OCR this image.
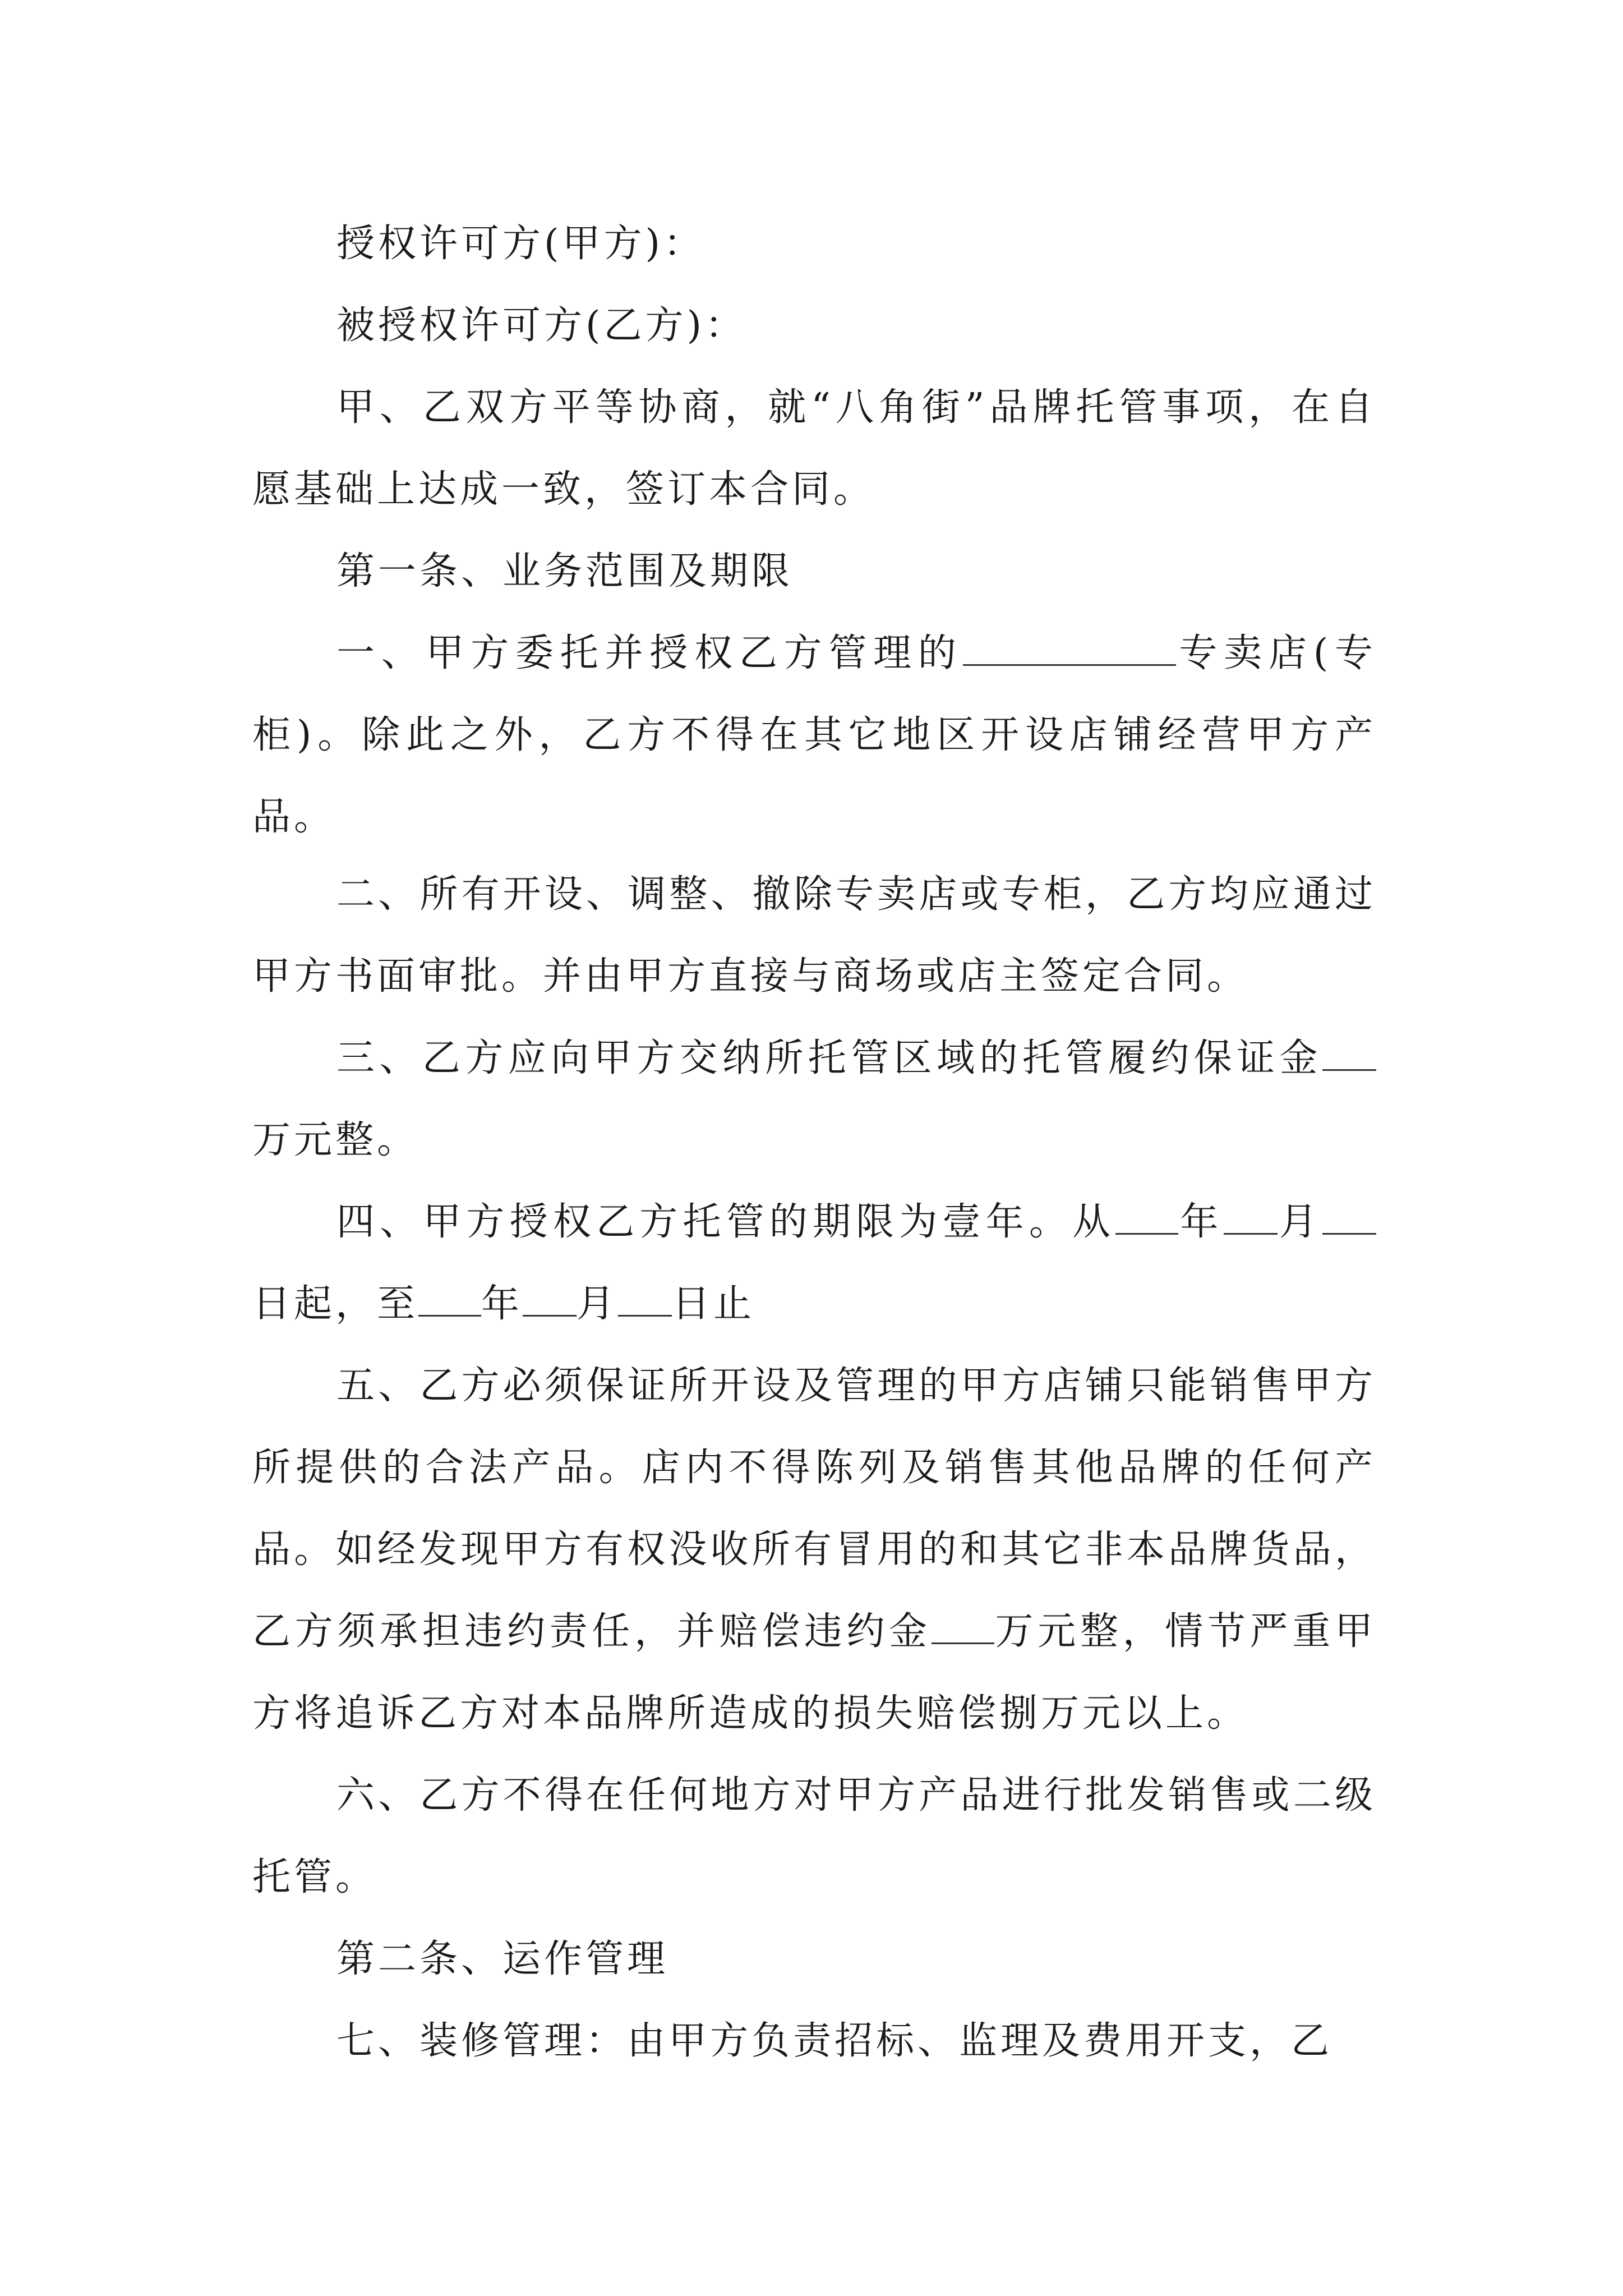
授权许可方(甲方)：

被授权许可方(乙方)：

甲、乙双方平等协商，就“八角街”品牌托管事项，在自愿基础上达成一致，签订本合同。

第一条、业务范围及期限

一、甲方委托并授权乙方管理的	专卖店(专柜)。除此之外，乙方不得在其它地区开设店铺经营甲方产品。

二、所有开设、调整、撤除专卖店或专柜，乙方均应通过甲方书面审批。并由甲方直接与商场或店主签定合同。

三、乙方应向甲方交纳所托管区域的托管履约保证金万元整。

四、甲方授权乙方托管的期限为壹年。从 年 月日起，至 年 月 日止

五、乙方必须保证所开设及管理的甲方店铺只能销售甲方所提供的合法产品。店内不得陈列及销售其他品牌的任何产品。如经发现甲方有权没收所有冒用的和其它非本品牌货品，乙方须承担违约责任，并赔偿违约金 万元整，情节严重甲方将追诉乙方对本品牌所造成的损失赔偿捌万元以上。

六、乙方不得在任何地方对甲方产品进行批发销售或二级托管。

第二条、运作管理

七、装修管理：由甲方负责招标、监理及费用开支，乙
